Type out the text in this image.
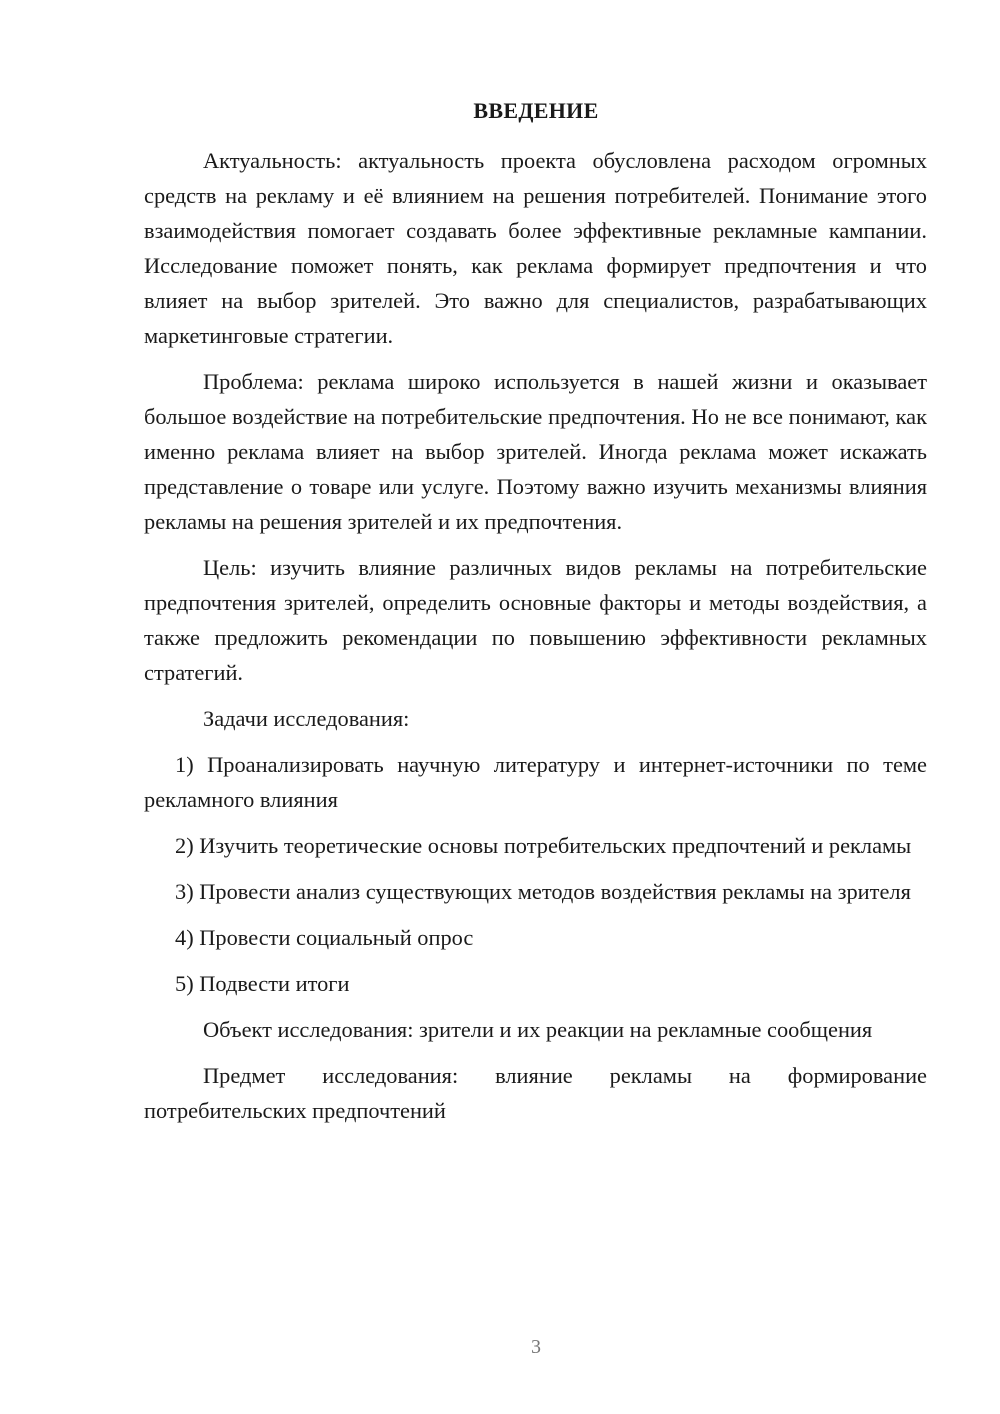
ВВЕДЕНИЕ

Актуальность: актуальность проекта обусловлена расходом огромных средств на рекламу и её влиянием на решения потребителей. Понимание этого взаимодействия помогает создавать более эффективные рекламные кампании. Исследование поможет понять, как реклама формирует предпочтения и что влияет на выбор зрителей. Это важно для специалистов, разрабатывающих маркетинговые стратегии.

Проблема: реклама широко используется в нашей жизни и оказывает большое воздействие на потребительские предпочтения. Но не все понимают, как именно реклама влияет на выбор зрителей. Иногда реклама может искажать представление о товаре или услуге. Поэтому важно изучить механизмы влияния рекламы на решения зрителей и их предпочтения.

Цель: изучить влияние различных видов рекламы на потребительские предпочтения зрителей, определить основные факторы и методы воздействия, а также предложить рекомендации по повышению эффективности рекламных стратегий.

Задачи исследования:

1) Проанализировать научную литературу и интернет-источники по теме рекламного влияния

2) Изучить теоретические основы потребительских предпочтений и рекламы

3) Провести анализ существующих методов воздействия рекламы на зрителя

4) Провести социальный опрос

5) Подвести итоги

Объект исследования: зрители и их реакции на рекламные сообщения

Предмет исследования: влияние рекламы на формирование потребительских предпочтений

3
